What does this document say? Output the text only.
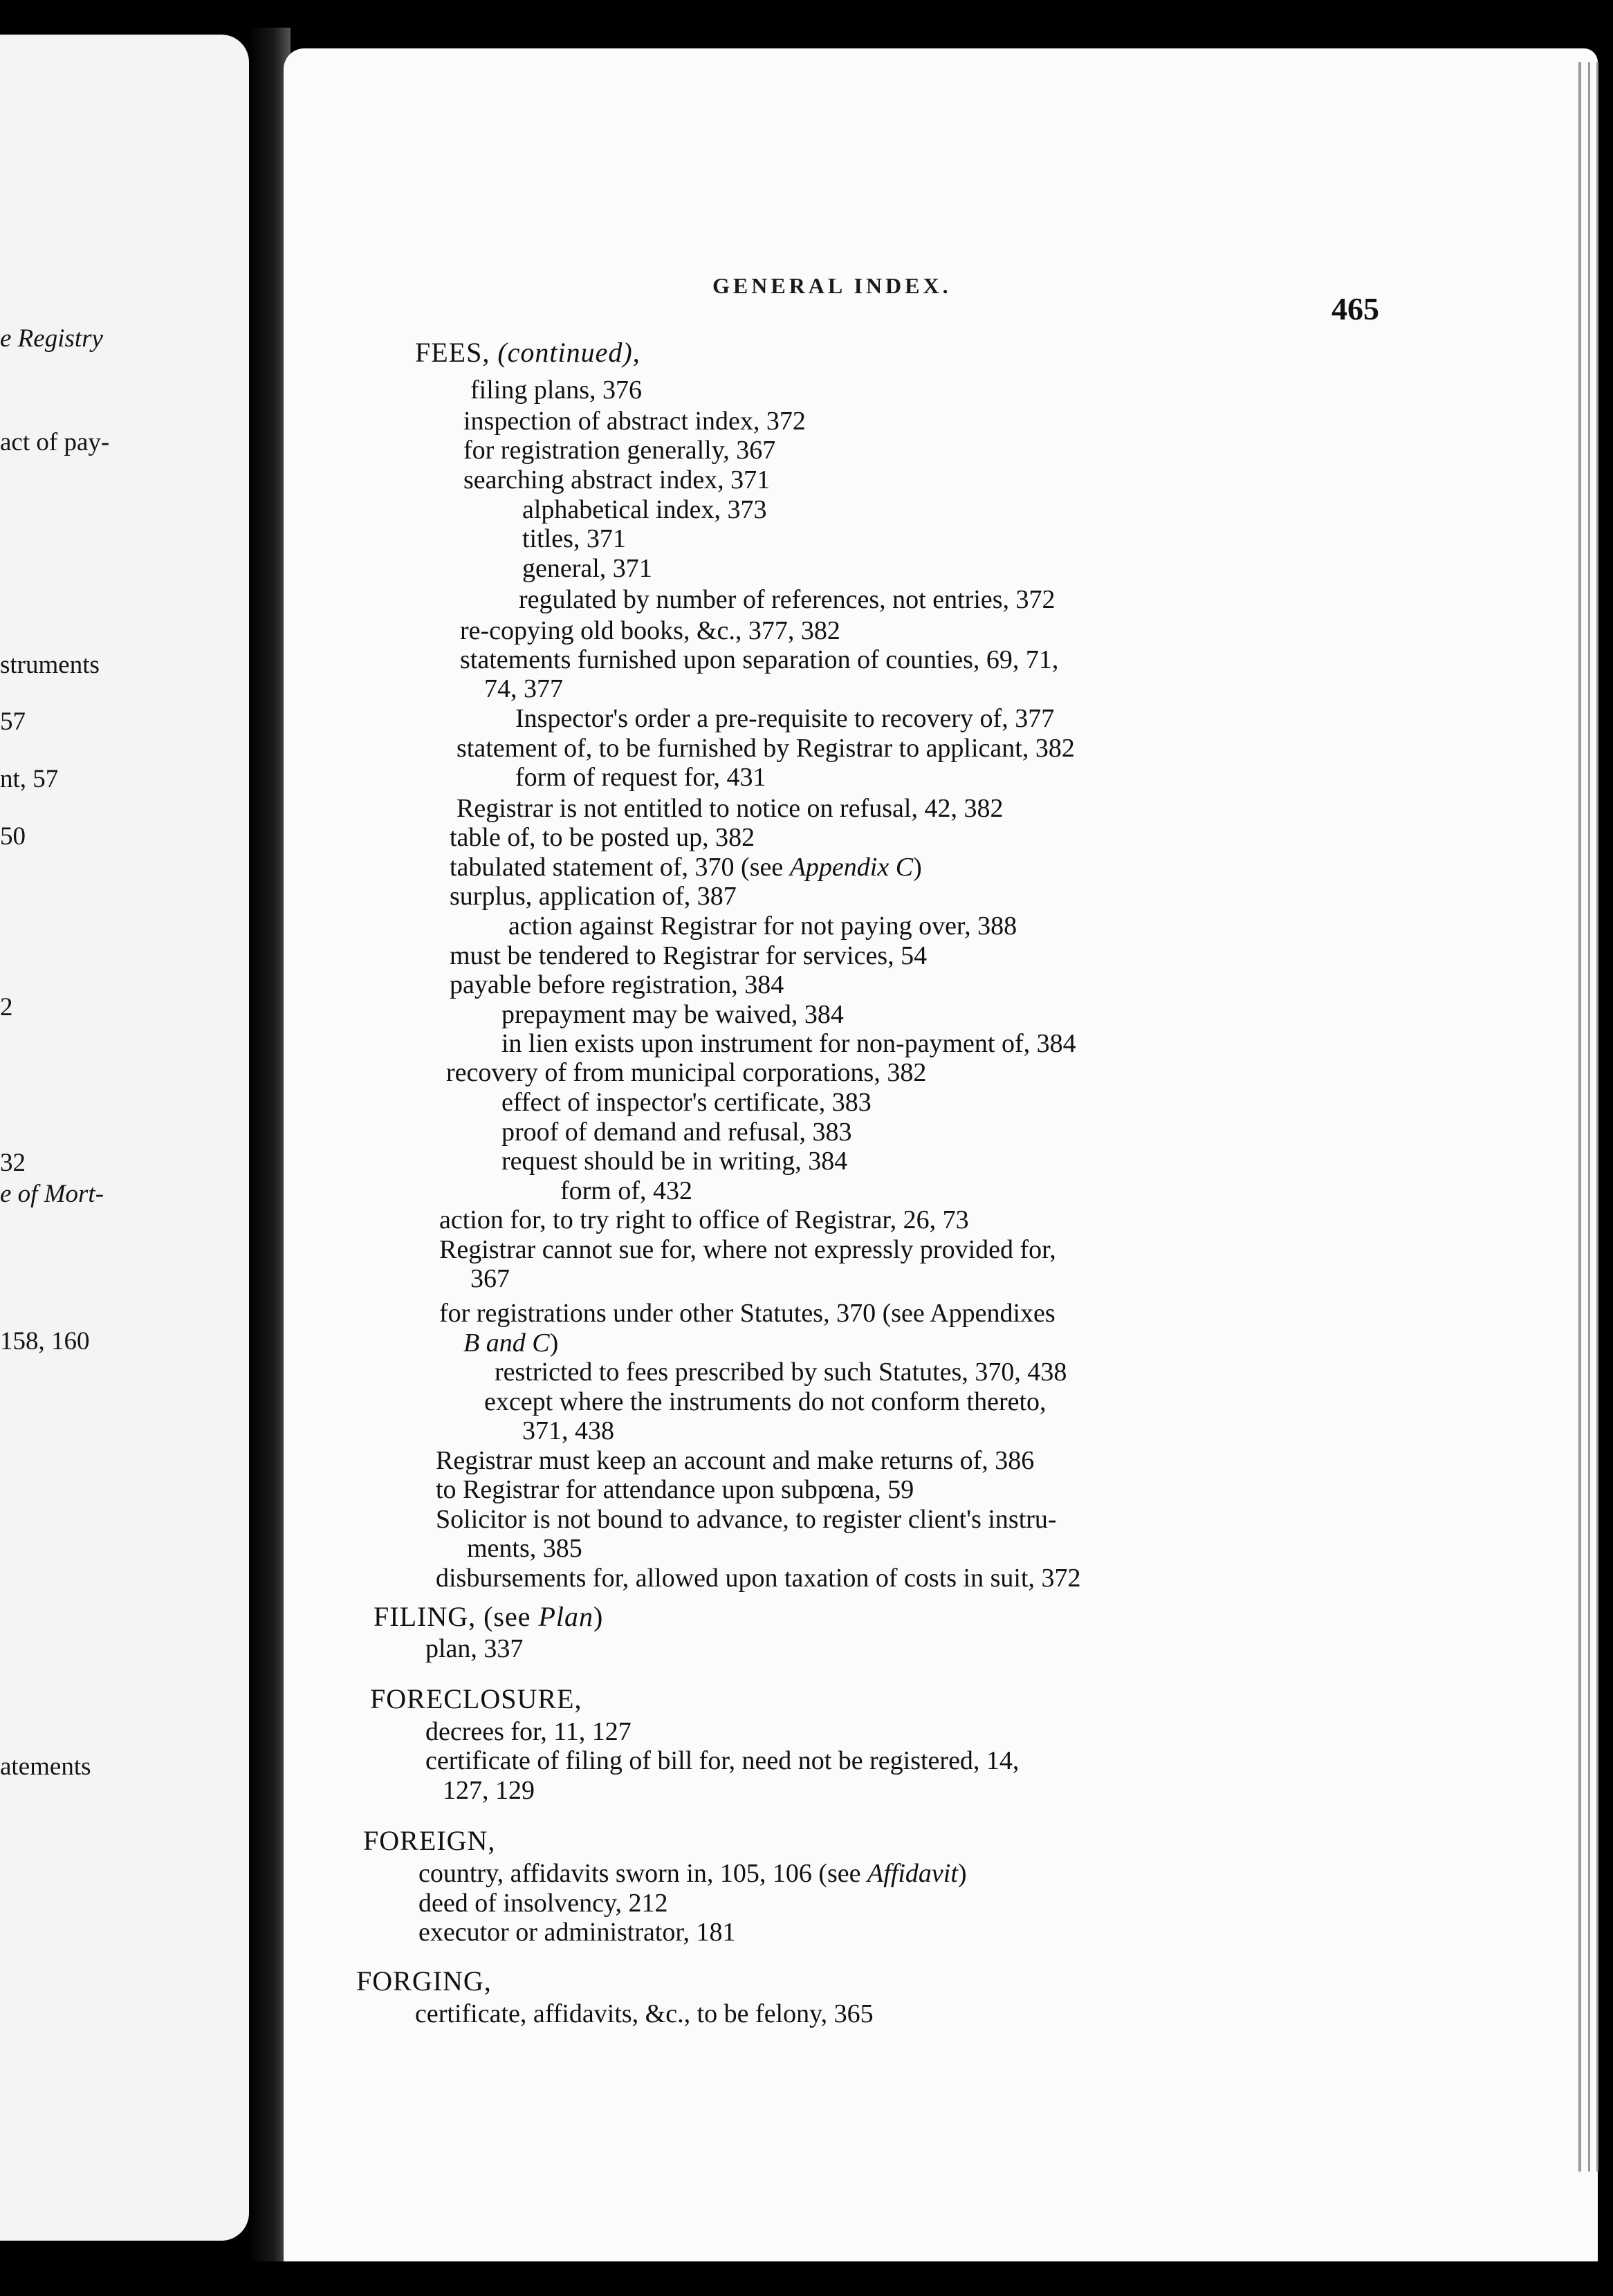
e Registry
act of pay-
struments
57
nt, 57
50
2
32
e of Mort-
158, 160
atements
GENERAL INDEX.
465
FEES, (continued),
filing plans, 376
inspection of abstract index, 372
for registration generally, 367
searching abstract index, 371
alphabetical index, 373
titles, 371
general, 371
regulated by number of references, not entries, 372
re-copying old books, &c., 377, 382
statements furnished upon separation of counties, 69, 71,
74, 377
Inspector's order a pre-requisite to recovery of, 377
statement of, to be furnished by Registrar to applicant, 382
form of request for, 431
Registrar is not entitled to notice on refusal, 42, 382
table of, to be posted up, 382
tabulated statement of, 370 (see Appendix C)
surplus, application of, 387
action against Registrar for not paying over, 388
must be tendered to Registrar for services, 54
payable before registration, 384
prepayment may be waived, 384
in lien exists upon instrument for non-payment of, 384
recovery of from municipal corporations, 382
effect of inspector's certificate, 383
proof of demand and refusal, 383
request should be in writing, 384
form of, 432
action for, to try right to office of Registrar, 26, 73
Registrar cannot sue for, where not expressly provided for,
367
for registrations under other Statutes, 370 (see Appendixes
B and C)
restricted to fees prescribed by such Statutes, 370, 438
except where the instruments do not conform thereto,
371, 438
Registrar must keep an account and make returns of, 386
to Registrar for attendance upon subpœna, 59
Solicitor is not bound to advance, to register client's instru-
ments, 385
disbursements for, allowed upon taxation of costs in suit, 372
FILING, (see Plan)
plan, 337
FORECLOSURE,
decrees for, 11, 127
certificate of filing of bill for, need not be registered, 14,
127, 129
FOREIGN,
country, affidavits sworn in, 105, 106 (see Affidavit)
deed of insolvency, 212
executor or administrator, 181
FORGING,
certificate, affidavits, &c., to be felony, 365
